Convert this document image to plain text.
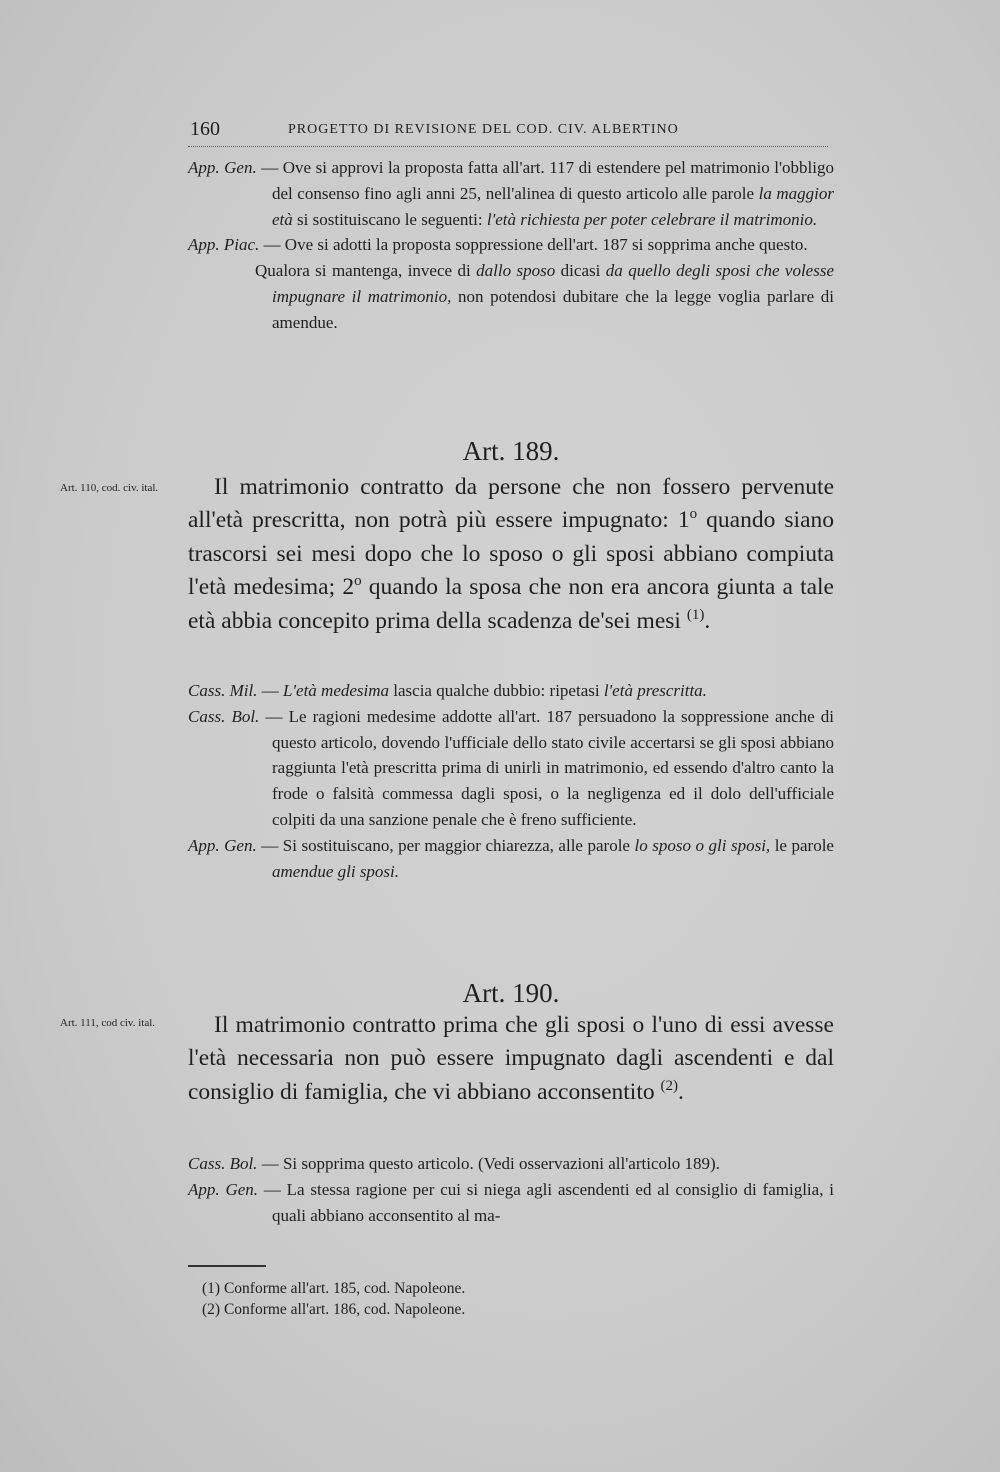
160	PROGETTO DI REVISIONE DEL COD. CIV. ALBERTINO

App. Gen. — Ove si approvi la proposta fatta all'art. 117 di estendere pel matrimonio l'obbligo del consenso fino agli anni 25, nell'alinea di questo articolo alle parole la maggior età si sostituiscano le seguenti: l'età richiesta per poter celebrare il matrimonio.

App. Piac. — Ove si adotti la proposta soppressione dell'art. 187 si sopprima anche questo.

Qualora si mantenga, invece di dallo sposo dicasi da quello degli sposi che volesse impugnare il matrimonio, non potendosi dubitare che la legge voglia parlare di amendue.

Art. 189.
Art. 110, cod. civ. ital.	Il matrimonio contratto da persone che non fossero pervenute all'età prescritta, non potrà più essere impugnato: 1$^o$ quando siano trascorsi sei mesi dopo che lo sposo o gli sposi abbiano compiuta l'età medesima; 2$^o$ quando la sposa che non era ancora giunta a tale età abbia concepito prima della scadenza de'sei mesi $^{(1)}$.

Cass. Mil. — L'età medesima lascia qualche dubbio: ripetasi l'età prescritta.

Cass. Bol. — Le ragioni medesime addotte all'art. 187 persuadono la soppressione anche di questo articolo, dovendo l'ufficiale dello stato civile accertarsi se gli sposi abbiano raggiunta l'età prescritta prima di unirli in matrimonio, ed essendo d'altro canto la frode o falsità commessa dagli sposi, o la negligenza ed il dolo dell'ufficiale colpiti da una sanzione penale che è freno sufficiente.

App. Gen. — Si sostituiscano, per maggior chiarezza, alle parole lo sposo o gli sposi, le parole amendue gli sposi.

Art. 190.
Art. 111, cod civ. ital.	Il matrimonio contratto prima che gli sposi o l'uno di essi avesse l'età necessaria non può essere impugnato dagli ascendenti e dal consiglio di famiglia, che vi abbiano acconsentito $^{(2)}$.

Cass. Bol. — Si sopprima questo articolo. (Vedi osservazioni all'articolo 189).

App. Gen. — La stessa ragione per cui si niega agli ascendenti ed al consiglio di famiglia, i quali abbiano acconsentito al ma-

(1) Conforme all'art. 185, cod. Napoleone.
(2) Conforme all'art. 186, cod. Napoleone.
